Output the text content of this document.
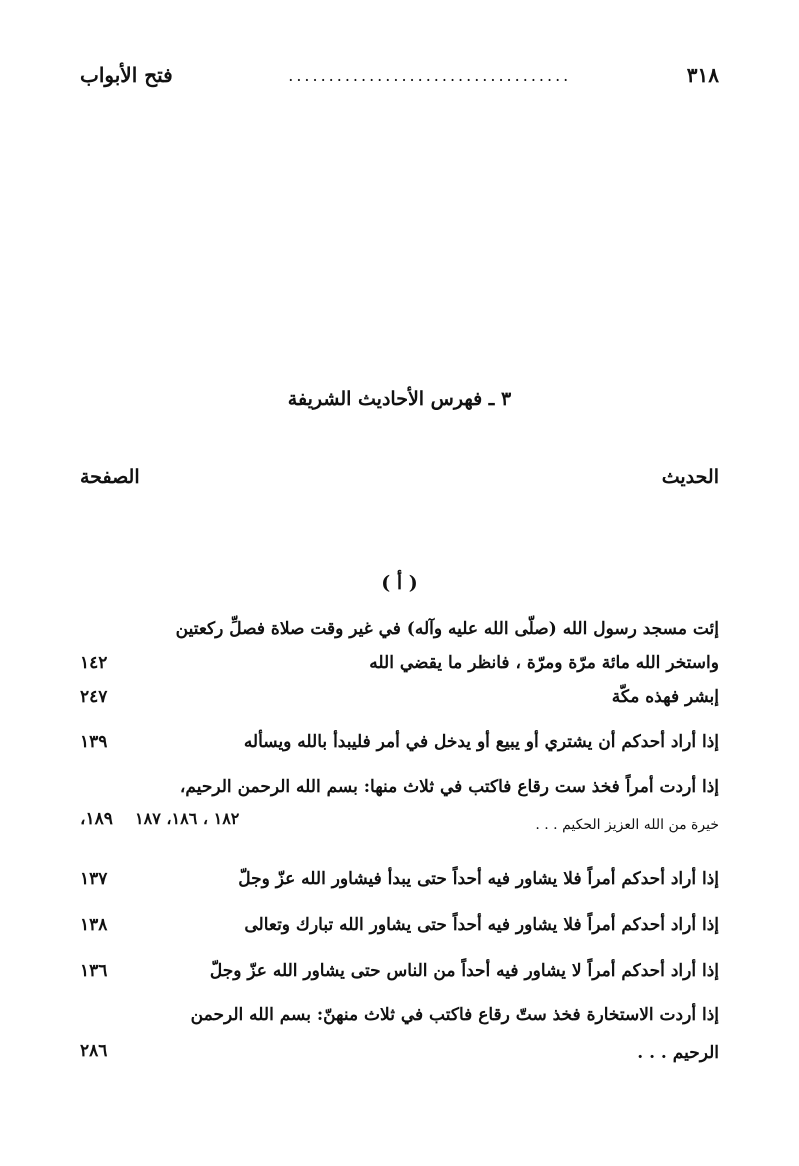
٣١٨
...................................
فتح الأبواب
٣ ـ فهرس الأحاديث الشريفة
الحديث
الصفحة
( أ )
إئت مسجد رسول الله (صلّى الله عليه وآله) في غير وقت صلاة فصلِّ ركعتين
واستخر الله مائة مرّة ومرّة ، فانظر ما يقضي الله
١٤٢
إبشر فهذه مكّة
٢٤٧
إذا أراد أحدكم أن يشتري أو يبيع أو يدخل في أمر فليبدأ بالله ويسأله
١٣٩
إذا أردت أمراً فخذ ست رقاع فاكتب في ثلاث منها: بسم الله الرحمن الرحيم،
خيرة من الله العزيز الحكيم . . .
١٨٢ ، ١٨٦، ١٨٧
١٨٩،
إذا أراد أحدكم أمراً فلا يشاور فيه أحداً حتى يبدأ فيشاور الله عزّ وجلّ
١٣٧
إذا أراد أحدكم أمراً فلا يشاور فيه أحداً حتى يشاور الله تبارك وتعالى
١٣٨
إذا أراد أحدكم أمراً لا يشاور فيه أحداً من الناس حتى يشاور الله عزّ وجلّ
١٣٦
إذا أردت الاستخارة فخذ ستّ رقاع فاكتب في ثلاث منهنّ: بسم الله الرحمن
الرحيم . . .
٢٨٦
